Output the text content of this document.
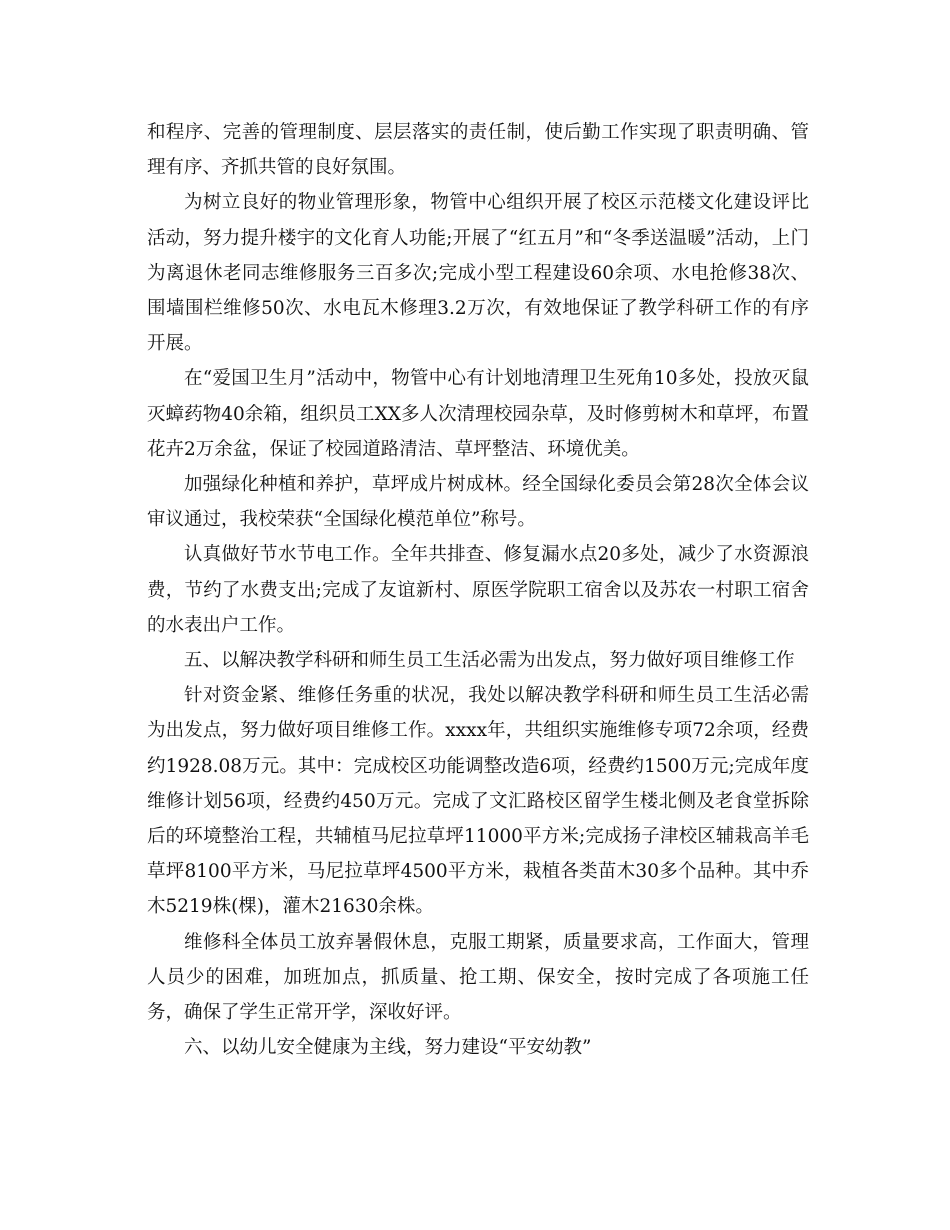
和程序、完善的管理制度、层层落实的责任制，使后勤工作实现了职责明确、管理有序、齐抓共管的良好氛围。

为树立良好的物业管理形象，物管中心组织开展了校区示范楼文化建设评比活动，努力提升楼宇的文化育人功能;开展了“红五月”和“冬季送温暖”活动，上门为离退休老同志维修服务三百多次;完成小型工程建设60余项、水电抢修38次、围墙围栏维修50次、水电瓦木修理3.2万次，有效地保证了教学科研工作的有序开展。

在“爱国卫生月”活动中，物管中心有计划地清理卫生死角10多处，投放灭鼠灭蟑药物40余箱，组织员工XX多人次清理校园杂草，及时修剪树木和草坪，布置花卉2万余盆，保证了校园道路清洁、草坪整洁、环境优美。

加强绿化种植和养护，草坪成片树成林。经全国绿化委员会第28次全体会议审议通过，我校荣获“全国绿化模范单位”称号。

认真做好节水节电工作。全年共排查、修复漏水点20多处，减少了水资源浪费，节约了水费支出;完成了友谊新村、原医学院职工宿舍以及苏农一村职工宿舍的水表出户工作。

五、以解决教学科研和师生员工生活必需为出发点，努力做好项目维修工作

针对资金紧、维修任务重的状况，我处以解决教学科研和师生员工生活必需为出发点，努力做好项目维修工作。xxxx年，共组织实施维修专项72余项，经费约1928.08万元。其中：完成校区功能调整改造6项，经费约1500万元;完成年度维修计划56项，经费约450万元。完成了文汇路校区留学生楼北侧及老食堂拆除后的环境整治工程，共辅植马尼拉草坪11000平方米;完成扬子津校区辅栽高羊毛草坪8100平方米，马尼拉草坪4500平方米，栽植各类苗木30多个品种。其中乔木5219株(棵)，灌木21630余株。

维修科全体员工放弃暑假休息，克服工期紧，质量要求高，工作面大，管理人员少的困难，加班加点，抓质量、抢工期、保安全，按时完成了各项施工任务，确保了学生正常开学，深收好评。

六、以幼儿安全健康为主线，努力建设“平安幼教”
